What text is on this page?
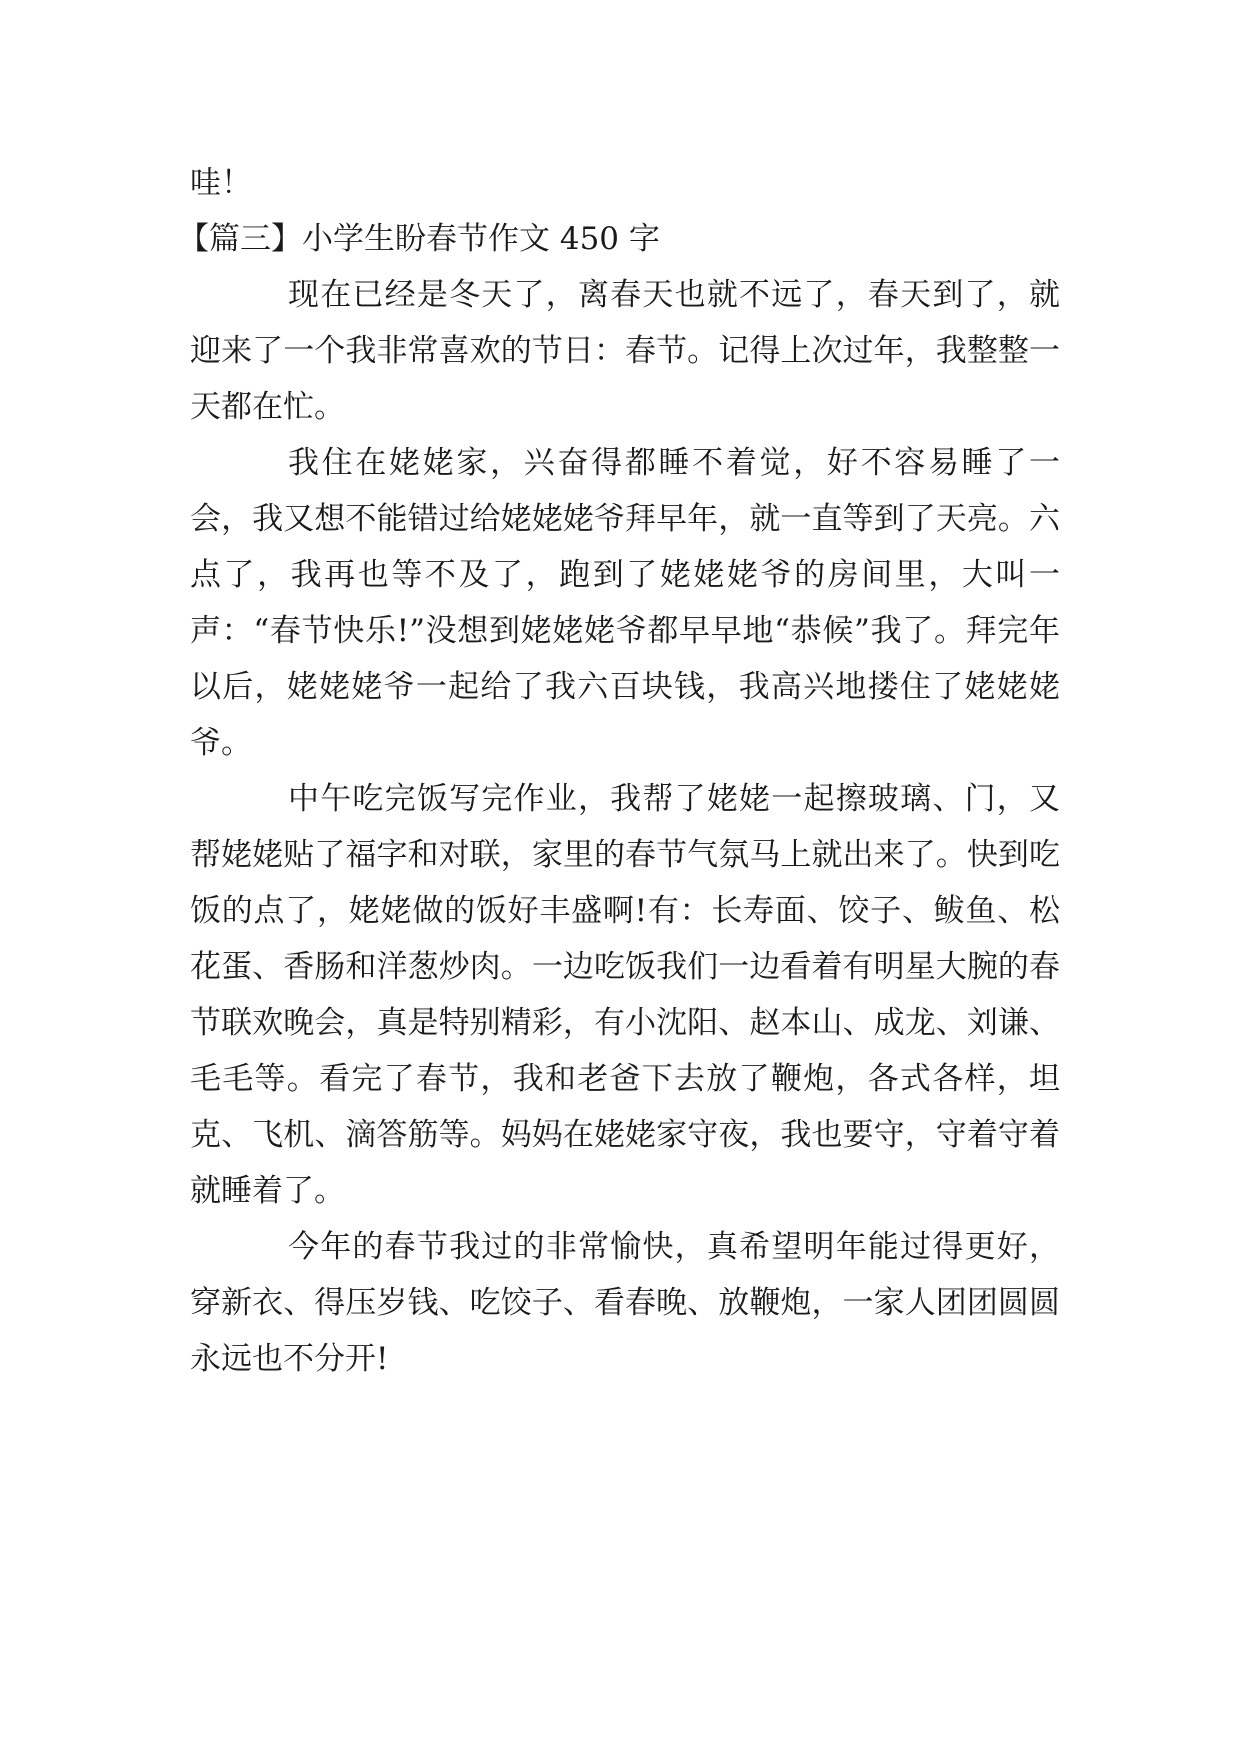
哇！

【篇三】小学生盼春节作文 450 字

现在已经是冬天了，离春天也就不远了，春天到了，就迎来了一个我非常喜欢的节日：春节。记得上次过年，我整整一天都在忙。

我住在姥姥家，兴奋得都睡不着觉，好不容易睡了一会，我又想不能错过给姥姥姥爷拜早年，就一直等到了天亮。六点了，我再也等不及了，跑到了姥姥姥爷的房间里，大叫一声：“春节快乐!”没想到姥姥姥爷都早早地“恭候”我了。拜完年以后，姥姥姥爷一起给了我六百块钱，我高兴地搂住了姥姥姥爷。

中午吃完饭写完作业，我帮了姥姥一起擦玻璃、门，又帮姥姥贴了福字和对联，家里的春节气氛马上就出来了。快到吃饭的点了，姥姥做的饭好丰盛啊!有：长寿面、饺子、鲅鱼、松花蛋、香肠和洋葱炒肉。一边吃饭我们一边看着有明星大腕的春节联欢晚会，真是特别精彩，有小沈阳、赵本山、成龙、刘谦、毛毛等。看完了春节，我和老爸下去放了鞭炮，各式各样，坦克、飞机、滴答筋等。妈妈在姥姥家守夜，我也要守，守着守着就睡着了。

今年的春节我过的非常愉快，真希望明年能过得更好，穿新衣、得压岁钱、吃饺子、看春晚、放鞭炮，一家人团团圆圆永远也不分开!
